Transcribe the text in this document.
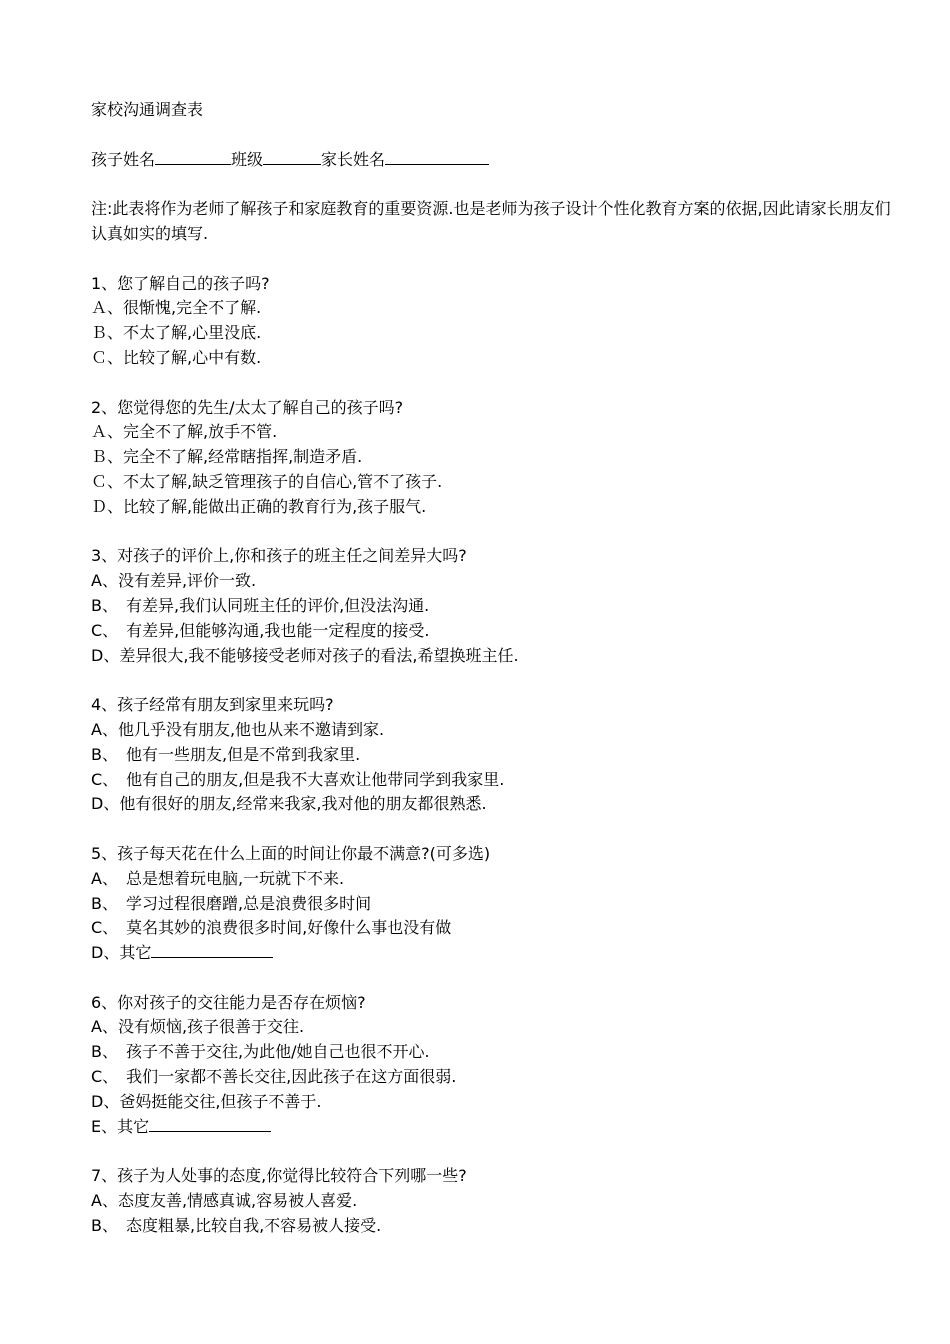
家校沟通调查表
孩子姓名	班级	家长姓名
注:此表将作为老师了解孩子和家庭教育的重要资源.也是老师为孩子设计个性化教育方案的依据,因此请家长朋友们认真如实的填写.
1、您了解自己的孩子吗?
Ａ、很惭愧,完全不了解.
Ｂ、不太了解,心里没底.
Ｃ、比较了解,心中有数.
2、您觉得您的先生/太太了解自己的孩子吗?
Ａ、完全不了解,放手不管.
Ｂ、完全不了解,经常瞎指挥,制造矛盾.
Ｃ、不太了解,缺乏管理孩子的自信心,管不了孩子.
Ｄ、比较了解,能做出正确的教育行为,孩子服气.
3、对孩子的评价上,你和孩子的班主任之间差异大吗?
A、没有差异,评价一致.
B、　有差异,我们认同班主任的评价,但没法沟通.
C、　有差异,但能够沟通,我也能一定程度的接受.
D、差异很大,我不能够接受老师对孩子的看法,希望换班主任.
4、孩子经常有朋友到家里来玩吗?
A、他几乎没有朋友,他也从来不邀请到家.
B、　他有一些朋友,但是不常到我家里.
C、　他有自己的朋友,但是我不大喜欢让他带同学到我家里.
D、他有很好的朋友,经常来我家,我对他的朋友都很熟悉.
5、孩子每天花在什么上面的时间让你最不满意?(可多选)
A、　总是想着玩电脑,一玩就下不来.
B、　学习过程很磨蹭,总是浪费很多时间
C、　莫名其妙的浪费很多时间,好像什么事也没有做
D、其它
6、你对孩子的交往能力是否存在烦恼?
A、没有烦恼,孩子很善于交往.
B、　孩子不善于交往,为此他/她自己也很不开心.
C、　我们一家都不善长交往,因此孩子在这方面很弱.
D、爸妈挺能交往,但孩子不善于.
E、其它
7、孩子为人处事的态度,你觉得比较符合下列哪一些?
A、态度友善,情感真诚,容易被人喜爱.
B、　态度粗暴,比较自我,不容易被人接受.
